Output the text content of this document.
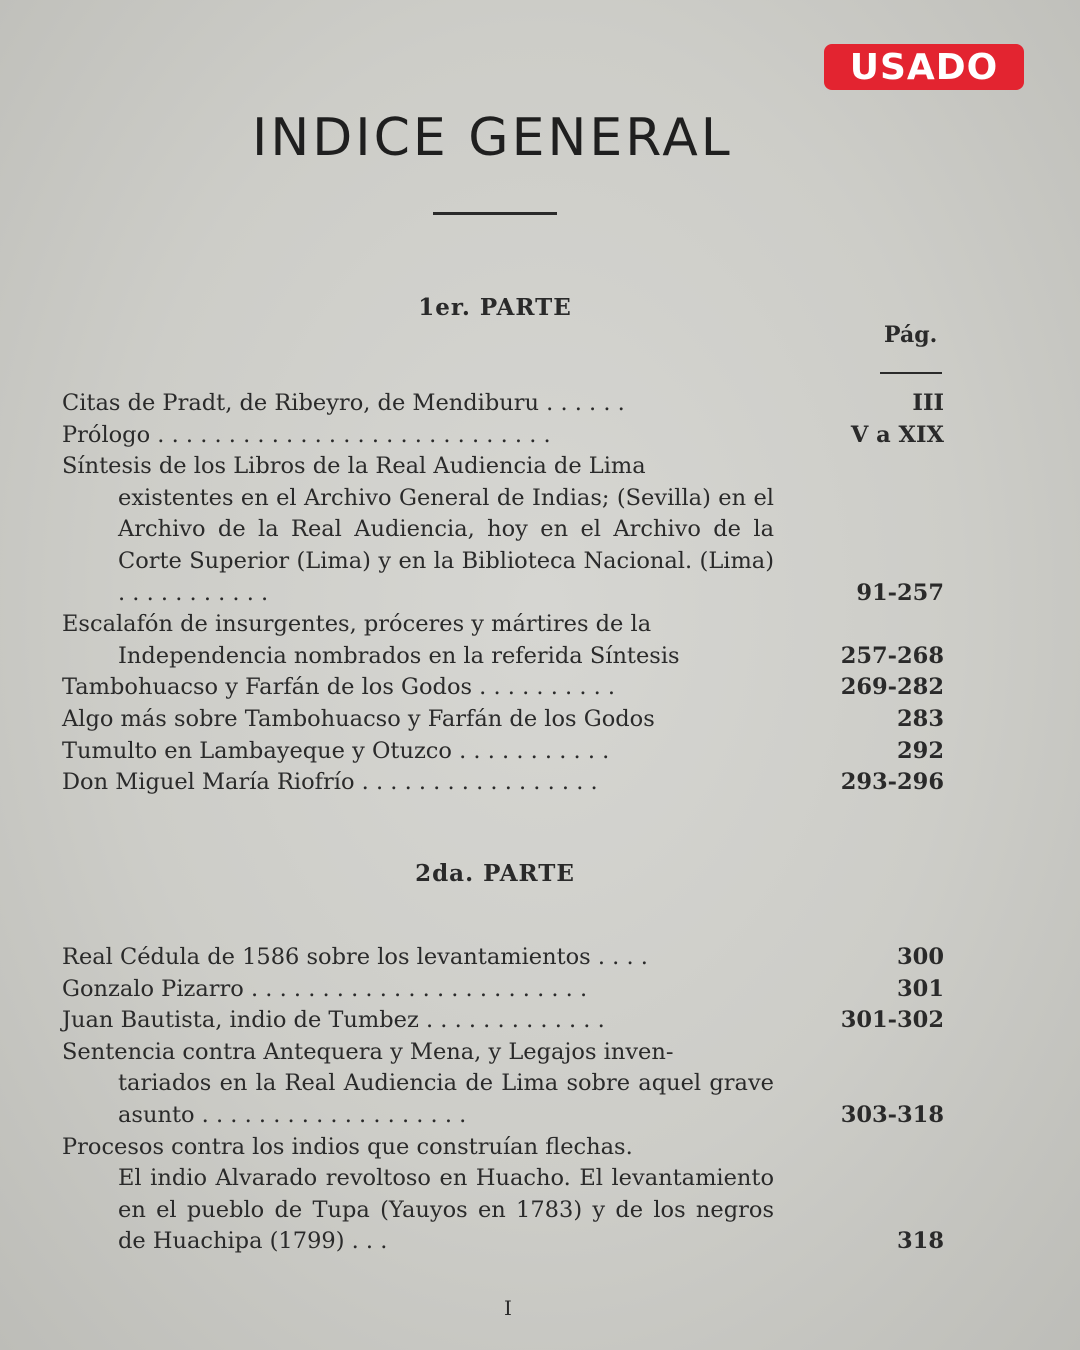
USADO
INDICE GENERAL
1er. PARTE
Pág.
Citas de Pradt, de Ribeyro, de Mendiburu . . . . . .	III
Prólogo . . . . . . . . . . . . . . . . . . . . . . . . . . . .	V a XIX
Síntesis de los Libros de la Real Audiencia de Lima
existentes en el Archivo General de Indias; (Sevilla) en el Archivo de la Real Audiencia, hoy en el Archivo de la Corte Superior (Lima) y en la Biblioteca Nacional. (Lima) . . . . . . . . . . .	91-257
Escalafón de insurgentes, próceres y mártires de la
Independencia nombrados en la referida Síntesis	257-268
Tambohuacso y Farfán de los Godos . . . . . . . . . .	269-282
Algo más sobre Tambohuacso y Farfán de los Godos	283
Tumulto en Lambayeque y Otuzco . . . . . . . . . . .	292
Don Miguel María Riofrío . . . . . . . . . . . . . . . . .	293-296
2da. PARTE
Real Cédula de 1586 sobre los levantamientos . . . .	300
Gonzalo Pizarro . . . . . . . . . . . . . . . . . . . . . . . .	301
Juan Bautista, indio de Tumbez . . . . . . . . . . . . .	301-302
Sentencia contra Antequera y Mena, y Legajos inven-
tariados en la Real Audiencia de Lima sobre aquel grave asunto . . . . . . . . . . . . . . . . . . .	303-318
Procesos contra los indios que construían flechas.
El indio Alvarado revoltoso en Huacho. El levantamiento en el pueblo de Tupa (Yauyos en 1783) y de los negros de Huachipa (1799) . . .	318
I
